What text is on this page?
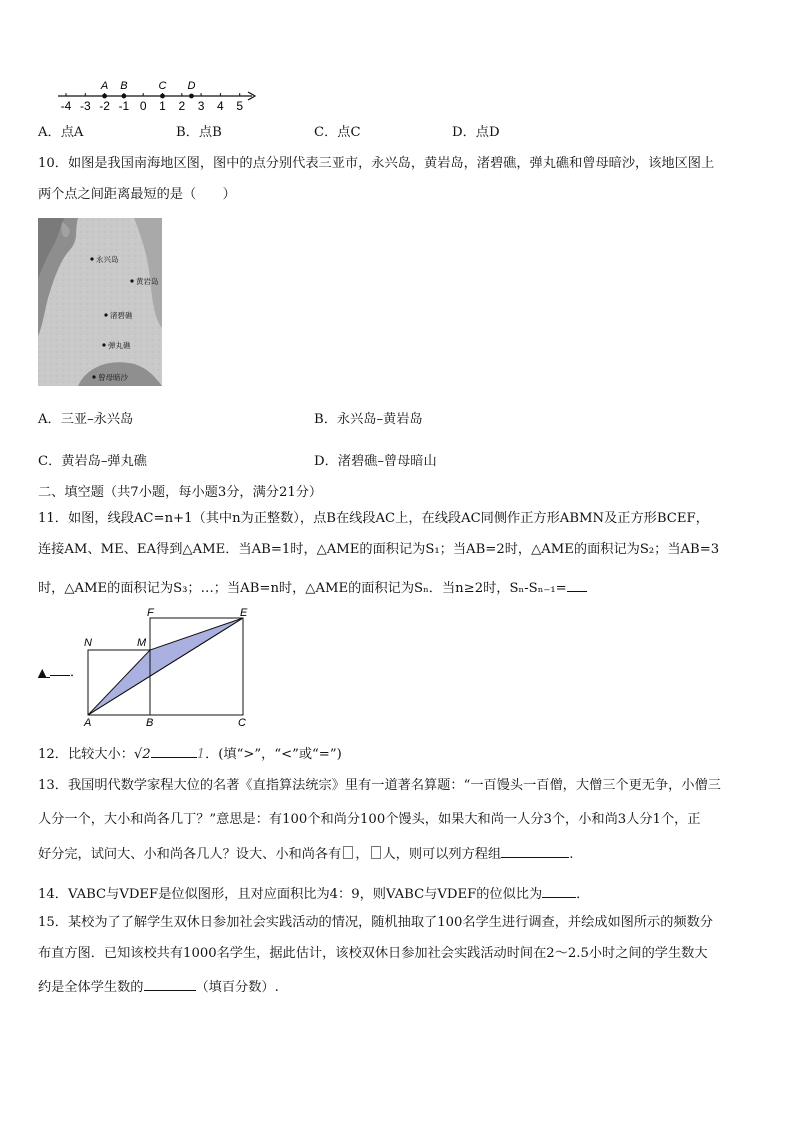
-4 -3 -2 -1 0 1 2 3 4 5
A B	C D
A．点A	B．点B	C．点C	D．点D
10．如图是我国南海地区图，图中的点分别代表三亚市，永兴岛，黄岩岛，渚碧礁，弹丸礁和曾母暗沙，该地区图上
两个点之间距离最短的是（　　）
永兴岛
黄岩岛
渚碧礁
弹丸礁
曾母暗沙
A．三亚–永兴岛	B．永兴岛–黄岩岛
C．黄岩岛–弹丸礁	D．渚碧礁–曾母暗山
二、填空题（共7小题，每小题3分，满分21分）
11．如图，线段AC=n+1（其中n为正整数），点B在线段AC上，在线段AC同侧作正方形ABMN及正方形BCEF，
连接AM、ME、EA得到△AME．当AB=1时，△AME的面积记为S₁；当AB=2时，△AME的面积记为S₂；当AB=3
时，△AME的面积记为S₃；…；当AB=n时，△AME的面积记为Sₙ．当n≥2时，Sₙ-Sₙ₋₁=
▲ ．
A	B	C
E
F
M
N
12．比较大小：√2	1．(填“>”，“<”或“=”)
13．我国明代数学家程大位的名著《直指算法统宗》里有一道著名算题：“一百馒头一百僧，大僧三个更无争，小僧三
人分一个，大小和尚各几丁？”意思是：有100个和尚分100个馒头，如果大和尚一人分3个，小和尚3人分1个，正
好分完，试问大、小和尚各几人？设大、小和尚各有 ， 人，则可以列方程组	.
14．VABC与VDEF是位似图形，且对应面积比为4：9，则VABC与VDEF的位似比为	．
15．某校为了了解学生双休日参加社会实践活动的情况，随机抽取了100名学生进行调查，并绘成如图所示的频数分
布直方图．已知该校共有1000名学生，据此估计，该校双休日参加社会实践活动时间在2～2.5小时之间的学生数大
约是全体学生数的	（填百分数）.
